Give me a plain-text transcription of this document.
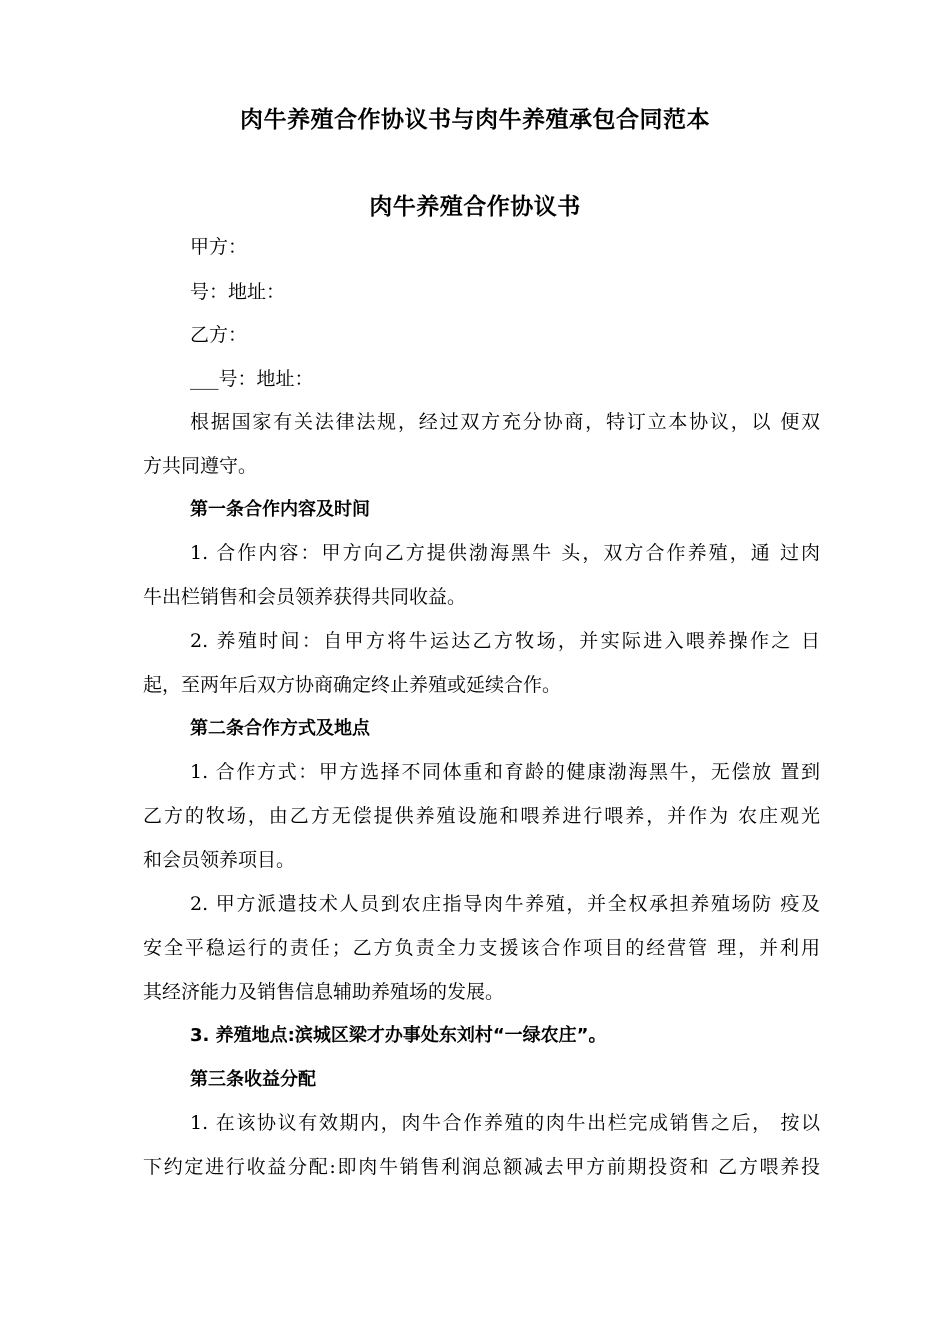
肉牛养殖合作协议书与肉牛养殖承包合同范本
肉牛养殖合作协议书
甲方：
号：地址：
乙方：
___号：地址：
根据国家有关法律法规，经过双方充分协商，特订立本协议，以 便双
方共同遵守。
第一条合作内容及时间
1. 合作内容：甲方向乙方提供渤海黑牛 头，双方合作养殖，通 过肉
牛出栏销售和会员领养获得共同收益。
2. 养殖时间：自甲方将牛运达乙方牧场，并实际进入喂养操作之 日
起，至两年后双方协商确定终止养殖或延续合作。
第二条合作方式及地点
1. 合作方式：甲方选择不同体重和育龄的健康渤海黑牛，无偿放 置到
乙方的牧场，由乙方无偿提供养殖设施和喂养进行喂养，并作为 农庄观光
和会员领养项目。
2. 甲方派遣技术人员到农庄指导肉牛养殖，并全权承担养殖场防 疫及
安全平稳运行的责任；乙方负责全力支援该合作项目的经营管 理，并利用
其经济能力及销售信息辅助养殖场的发展。
3. 养殖地点:滨城区梁才办事处东刘村“一绿农庄”。
第三条收益分配
1. 在该协议有效期内，肉牛合作养殖的肉牛出栏完成销售之后， 按以
下约定进行收益分配:即肉牛销售利润总额减去甲方前期投资和 乙方喂养投
